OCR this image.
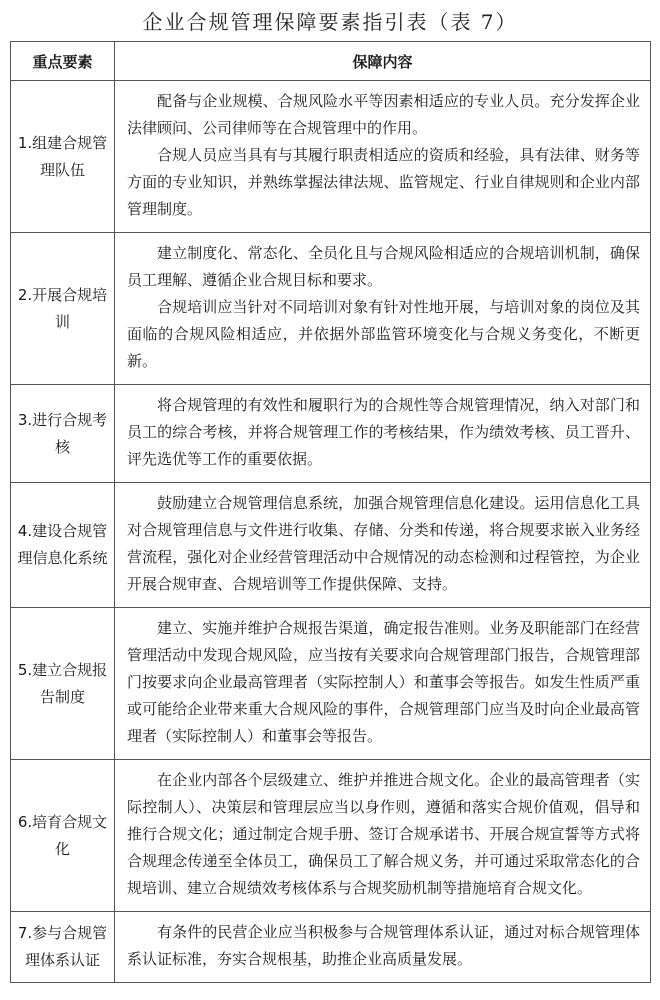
企业合规管理保障要素指引表（表 7）
重点要素	保障内容
1.组建合规管理队伍	配备与企业规模、合规风险水平等因素相适应的专业人员。充分发挥企业法律顾问、公司律师等在合规管理中的作用。

合规人员应当具有与其履行职责相适应的资质和经验，具有法律、财务等方面的专业知识，并熟练掌握法律法规、监管规定、行业自律规则和企业内部管理制度。

2.开展合规培训	建立制度化、常态化、全员化且与合规风险相适应的合规培训机制，确保员工理解、遵循企业合规目标和要求。

合规培训应当针对不同培训对象有针对性地开展，与培训对象的岗位及其面临的合规风险相适应，并依据外部监管环境变化与合规义务变化，不断更新。

3.进行合规考核	将合规管理的有效性和履职行为的合规性等合规管理情况，纳入对部门和员工的综合考核，并将合规管理工作的考核结果，作为绩效考核、员工晋升、评先选优等工作的重要依据。

4.建设合规管理信息化系统	鼓励建立合规管理信息系统，加强合规管理信息化建设。运用信息化工具对合规管理信息与文件进行收集、存储、分类和传递，将合规要求嵌入业务经营流程，强化对企业经营管理活动中合规情况的动态检测和过程管控，为企业开展合规审查、合规培训等工作提供保障、支持。

5.建立合规报告制度	建立、实施并维护合规报告渠道，确定报告准则。业务及职能部门在经营管理活动中发现合规风险，应当按有关要求向合规管理部门报告，合规管理部门按要求向企业最高管理者（实际控制人）和董事会等报告。如发生性质严重或可能给企业带来重大合规风险的事件，合规管理部门应当及时向企业最高管理者（实际控制人）和董事会等报告。

6.培育合规文化	在企业内部各个层级建立、维护并推进合规文化。企业的最高管理者（实际控制人）、决策层和管理层应当以身作则，遵循和落实合规价值观，倡导和推行合规文化；通过制定合规手册、签订合规承诺书、开展合规宣誓等方式将合规理念传递至全体员工，确保员工了解合规义务，并可通过采取常态化的合规培训、建立合规绩效考核体系与合规奖励机制等措施培育合规文化。

7.参与合规管理体系认证	有条件的民营企业应当积极参与合规管理体系认证，通过对标合规管理体系认证标准，夯实合规根基，助推企业高质量发展。
